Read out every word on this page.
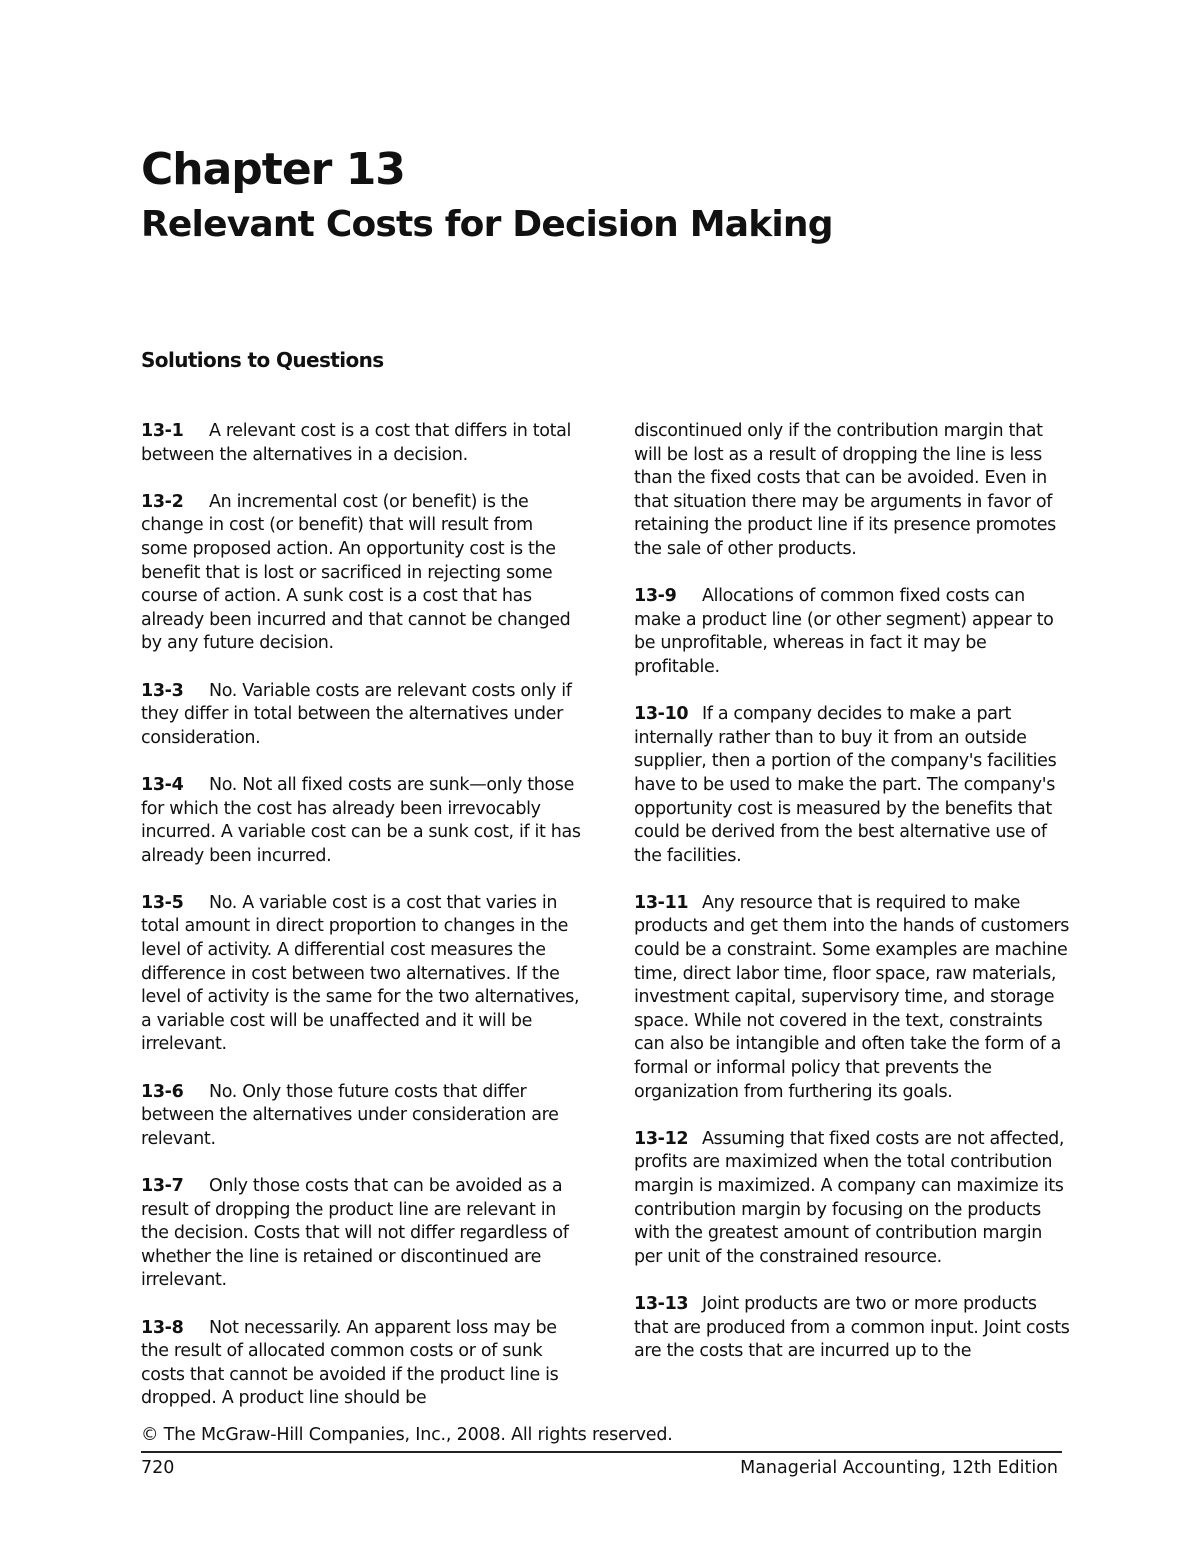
Chapter 13
Relevant Costs for Decision Making
Solutions to Questions

13-1 A relevant cost is a cost that differs in total between the alternatives in a decision.

13-2 An incremental cost (or benefit) is the change in cost (or benefit) that will result from some proposed action. An opportunity cost is the benefit that is lost or sacrificed in rejecting some course of action. A sunk cost is a cost that has already been incurred and that cannot be changed by any future decision.

13-3 No. Variable costs are relevant costs only if they differ in total between the alternatives under consideration.

13-4 No. Not all fixed costs are sunk—only those for which the cost has already been irrevocably incurred. A variable cost can be a sunk cost, if it has already been incurred.

13-5 No. A variable cost is a cost that varies in total amount in direct proportion to changes in the level of activity. A differential cost measures the difference in cost between two alternatives. If the level of activity is the same for the two alternatives, a variable cost will be unaffected and it will be irrelevant.

13-6 No. Only those future costs that differ between the alternatives under consideration are relevant.

13-7 Only those costs that can be avoided as a result of dropping the product line are relevant in the decision. Costs that will not differ regardless of whether the line is retained or discontinued are irrelevant.

13-8 Not necessarily. An apparent loss may be the result of allocated common costs or of sunk costs that cannot be avoided if the product line is dropped. A product line should be

discontinued only if the contribution margin that will be lost as a result of dropping the line is less than the fixed costs that can be avoided. Even in that situation there may be arguments in favor of retaining the product line if its presence promotes the sale of other products.

13-9 Allocations of common fixed costs can make a product line (or other segment) appear to be unprofitable, whereas in fact it may be profitable.

13-10 If a company decides to make a part internally rather than to buy it from an outside supplier, then a portion of the company's facilities have to be used to make the part. The company's opportunity cost is measured by the benefits that could be derived from the best alternative use of the facilities.

13-11 Any resource that is required to make products and get them into the hands of customers could be a constraint. Some examples are machine time, direct labor time, floor space, raw materials, investment capital, supervisory time, and storage space. While not covered in the text, constraints can also be intangible and often take the form of a formal or informal policy that prevents the organization from furthering its goals.

13-12 Assuming that fixed costs are not affected, profits are maximized when the total contribution margin is maximized. A company can maximize its contribution margin by focusing on the products with the greatest amount of contribution margin per unit of the constrained resource.

13-13 Joint products are two or more products that are produced from a common input. Joint costs are the costs that are incurred up to the

© The McGraw-Hill Companies, Inc., 2008. All rights reserved.
720	Managerial Accounting, 12th Edition
